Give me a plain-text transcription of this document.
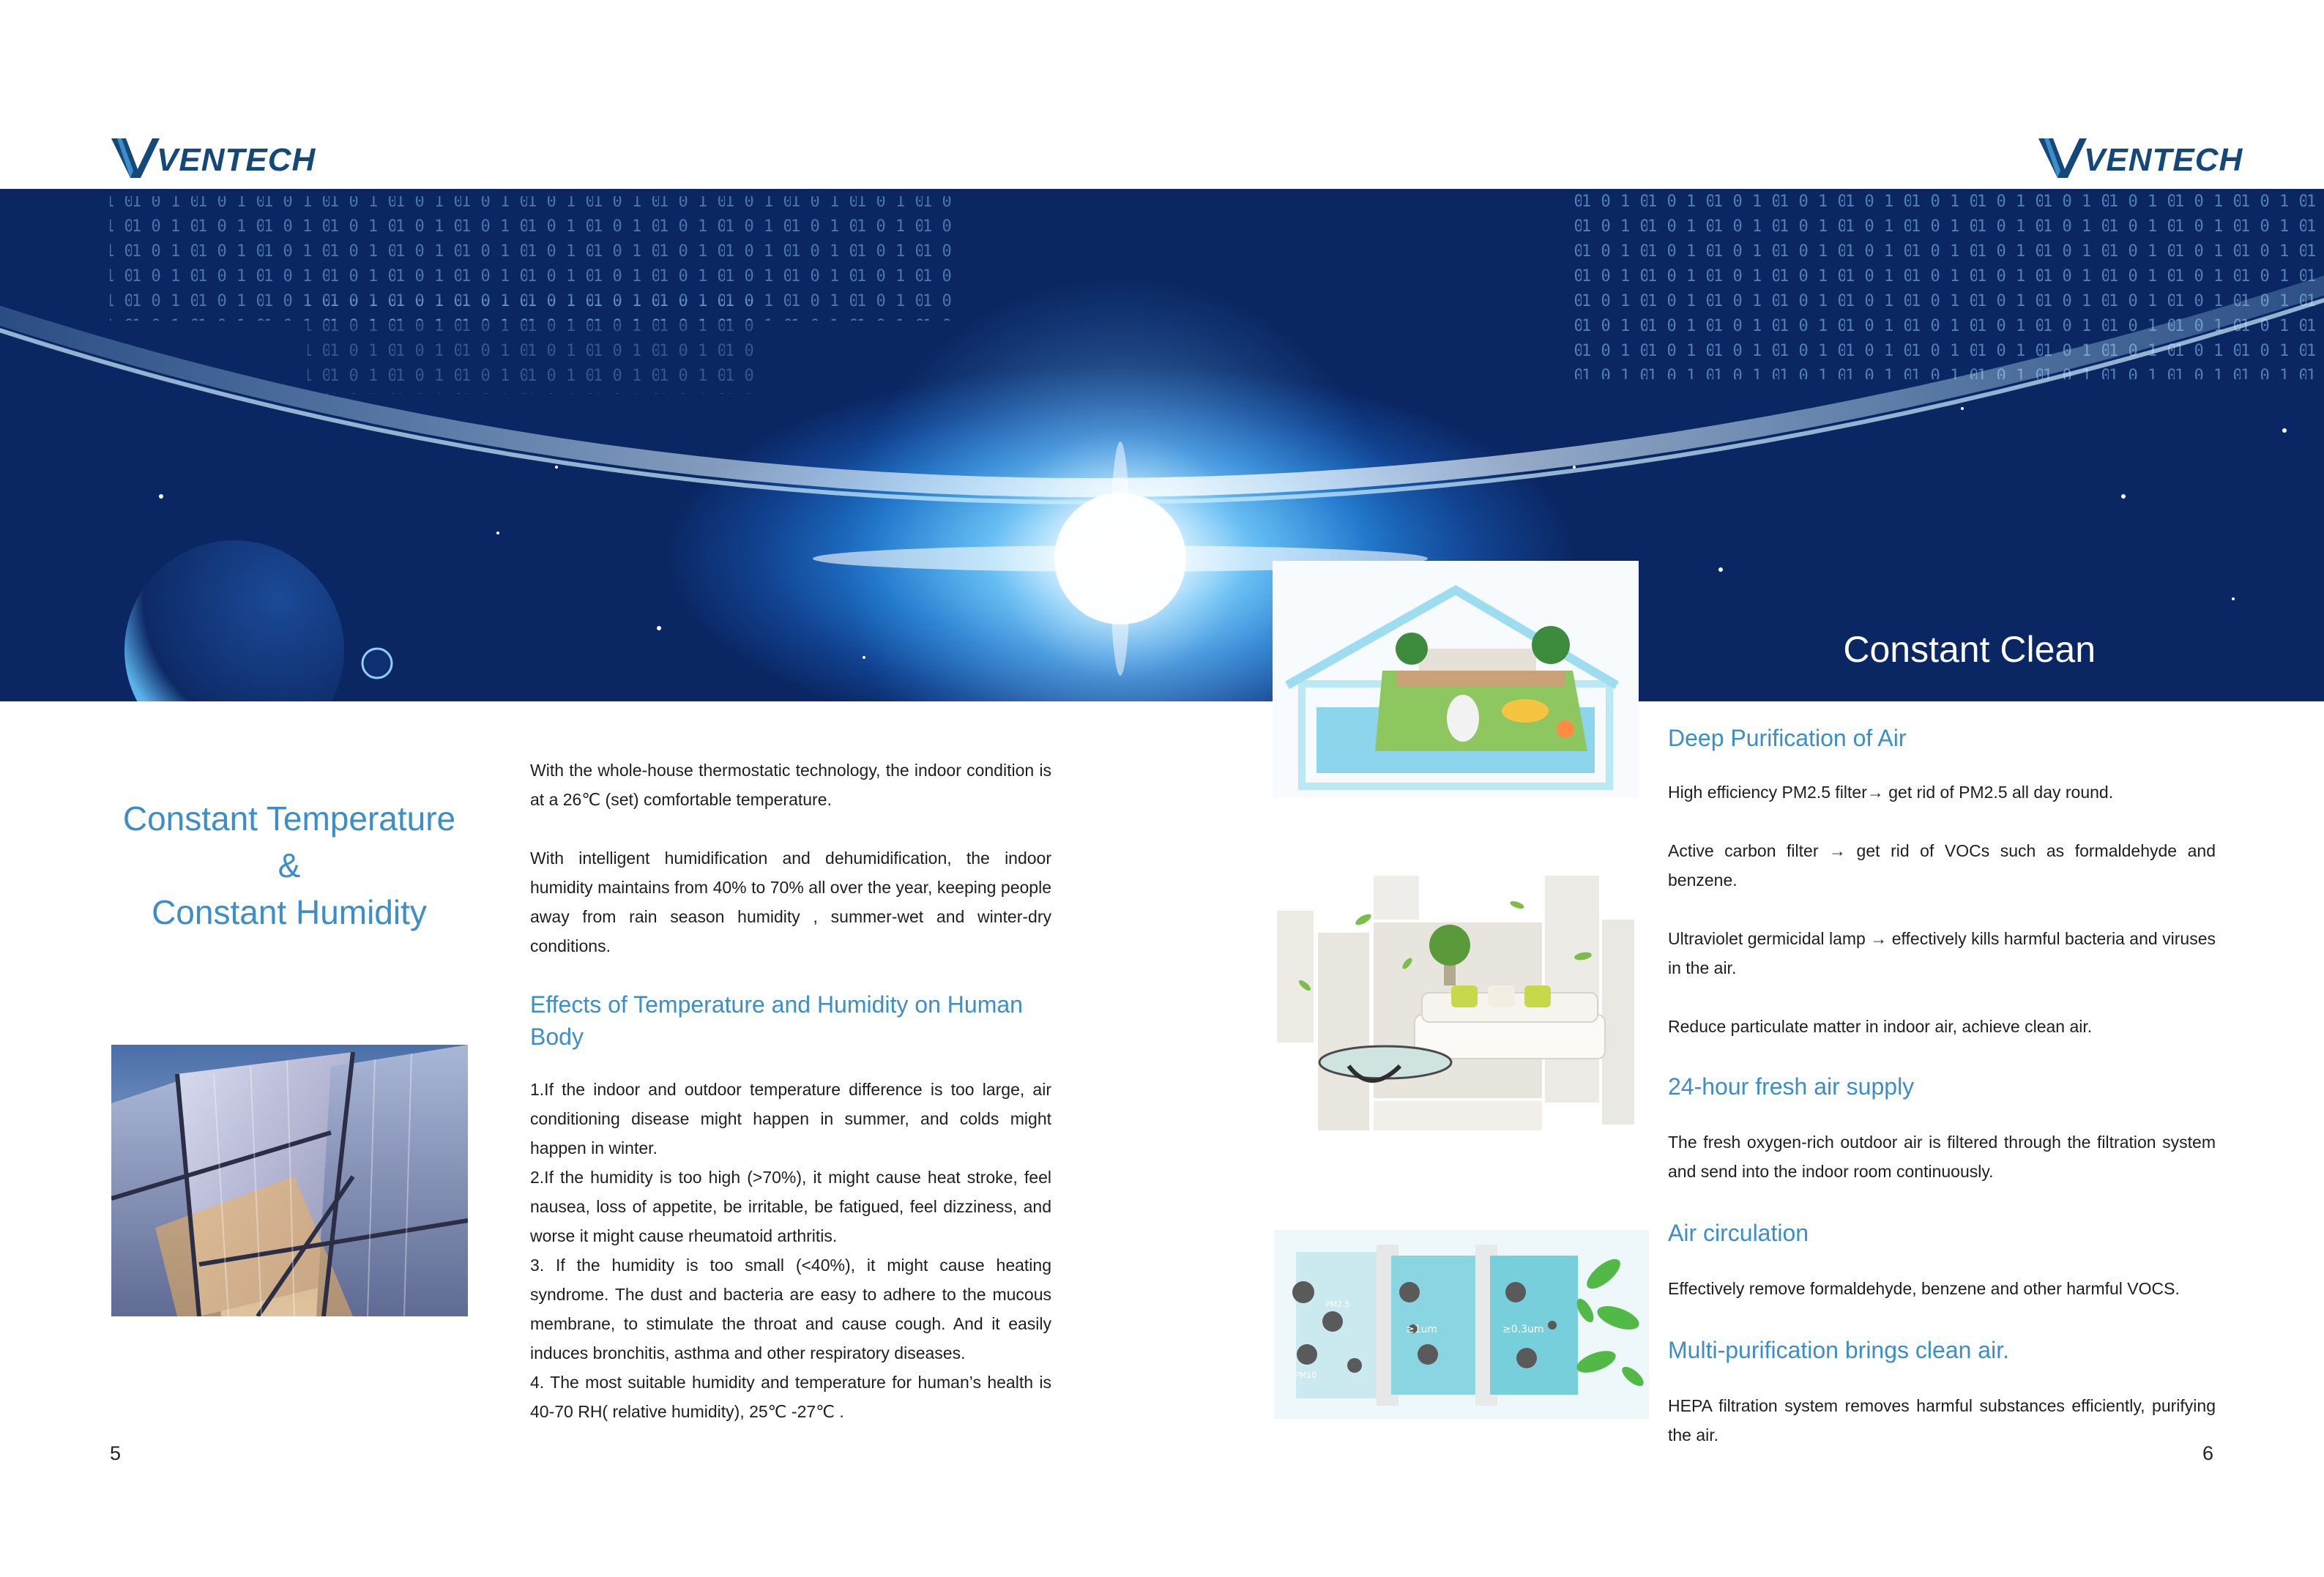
VENTECH	VENTECH
Constant Clean
Constant Temperature
&
Constant Humidity
With the whole-house thermostatic technology, the indoor condition is at a 26℃ (set) comfortable temperature.
With intelligent humidification and dehumidification, the indoor humidity maintains from 40% to 70% all over the year, keeping people away from rain season humidity , summer-wet and winter-dry conditions.
Effects of Temperature and Humidity on Human Body
1.If the indoor and outdoor temperature difference is too large, air conditioning disease might happen in summer, and colds might happen in winter.
2.If the humidity is too high (>70%), it might cause heat stroke, feel nausea, loss of appetite, be irritable, be fatigued, feel dizziness, and worse it might cause rheumatoid arthritis.
3. If the humidity is too small (<40%), it might cause heating syndrome. The dust and bacteria are easy to adhere to the mucous membrane, to stimulate the throat and cause cough. And it easily induces bronchitis, asthma and other respiratory diseases.
4. The most suitable humidity and temperature for human’s health is 40-70 RH( relative humidity), 25℃ -27℃ .
5
≥1um	≥0.3um
PM2.5
PM10
Deep Purification of Air
High efficiency PM2.5 filter→ get rid of PM2.5 all day round.
Active carbon filter → get rid of VOCs such as formaldehyde and benzene.
Ultraviolet germicidal lamp → effectively kills harmful bacteria and viruses in the air.
Reduce particulate matter in indoor air, achieve clean air.
24-hour fresh air supply
The fresh oxygen-rich outdoor air is filtered through the filtration system and send into the indoor room continuously.
Air circulation
Effectively remove formaldehyde, benzene and other harmful VOCS.
Multi-purification brings clean air.
HEPA filtration system removes harmful substances efficiently, purifying the air.
6
